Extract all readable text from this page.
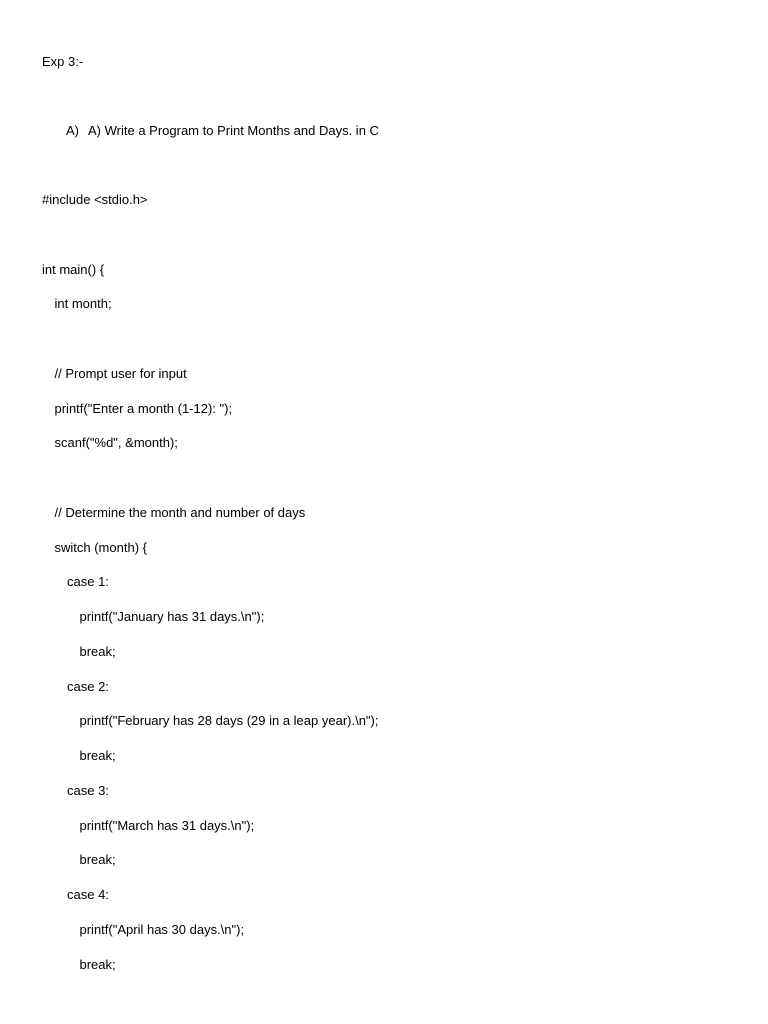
Exp 3:-
A) A) Write a Program to Print Months and Days. in C
#include <stdio.h>
int main() {
int month;
// Prompt user for input
printf("Enter a month (1-12): ");
scanf("%d", &month);
// Determine the month and number of days
switch (month) {
case 1:
printf("January has 31 days.\n");
break;
case 2:
printf("February has 28 days (29 in a leap year).\n");
break;
case 3:
printf("March has 31 days.\n");
break;
case 4:
printf("April has 30 days.\n");
break;
